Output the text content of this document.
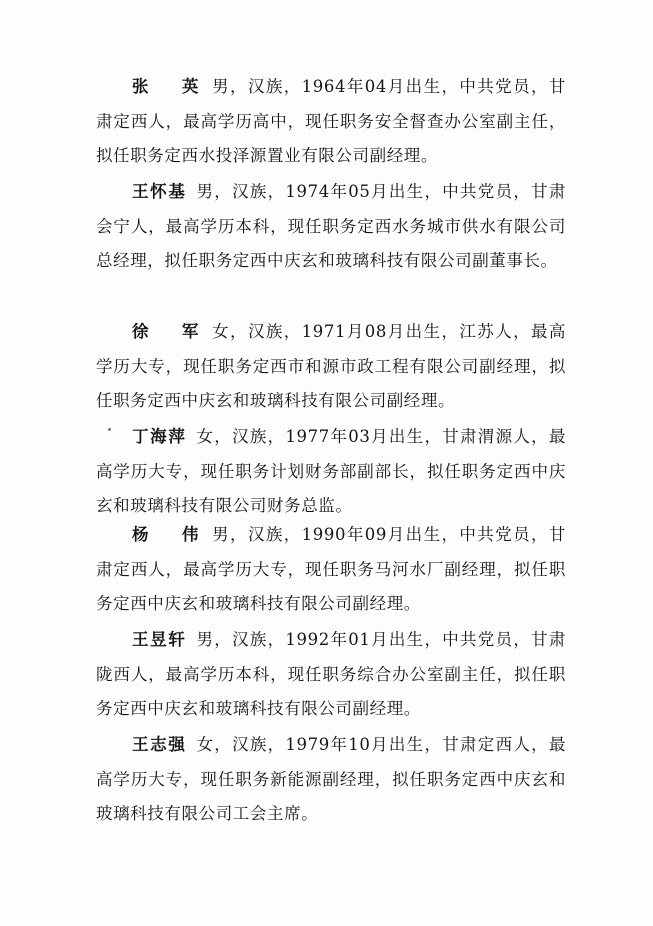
张 英男，汉族，1964年04月出生，中共党员，甘肃定西人，最高学历高中，现任职务安全督查办公室副主任，拟任职务定西水投泽源置业有限公司副经理。

王怀基 男，汉族，1974年05月出生，中共党员，甘肃会宁人，最高学历本科，现任职务定西水务城市供水有限公司总经理，拟任职务定西中庆玄和玻璃科技有限公司副董事长。

徐 军女，汉族，1971月08月出生，江苏人，最高学历大专，现任职务定西市和源市政工程有限公司副经理，拟任职务定西中庆玄和玻璃科技有限公司副经理。

丁海萍 女，汉族，1977年03月出生，甘肃渭源人，最高学历大专，现任职务计划财务部副部长，拟任职务定西中庆玄和玻璃科技有限公司财务总监。

杨 伟男，汉族，1990年09月出生，中共党员，甘肃定西人，最高学历大专，现任职务马河水厂副经理，拟任职务定西中庆玄和玻璃科技有限公司副经理。

王昱轩 男，汉族，1992年01月出生，中共党员，甘肃陇西人，最高学历本科，现任职务综合办公室副主任，拟任职务定西中庆玄和玻璃科技有限公司副经理。

王志强 女，汉族，1979年10月出生，甘肃定西人，最高学历大专，现任职务新能源副经理，拟任职务定西中庆玄和玻璃科技有限公司工会主席。
